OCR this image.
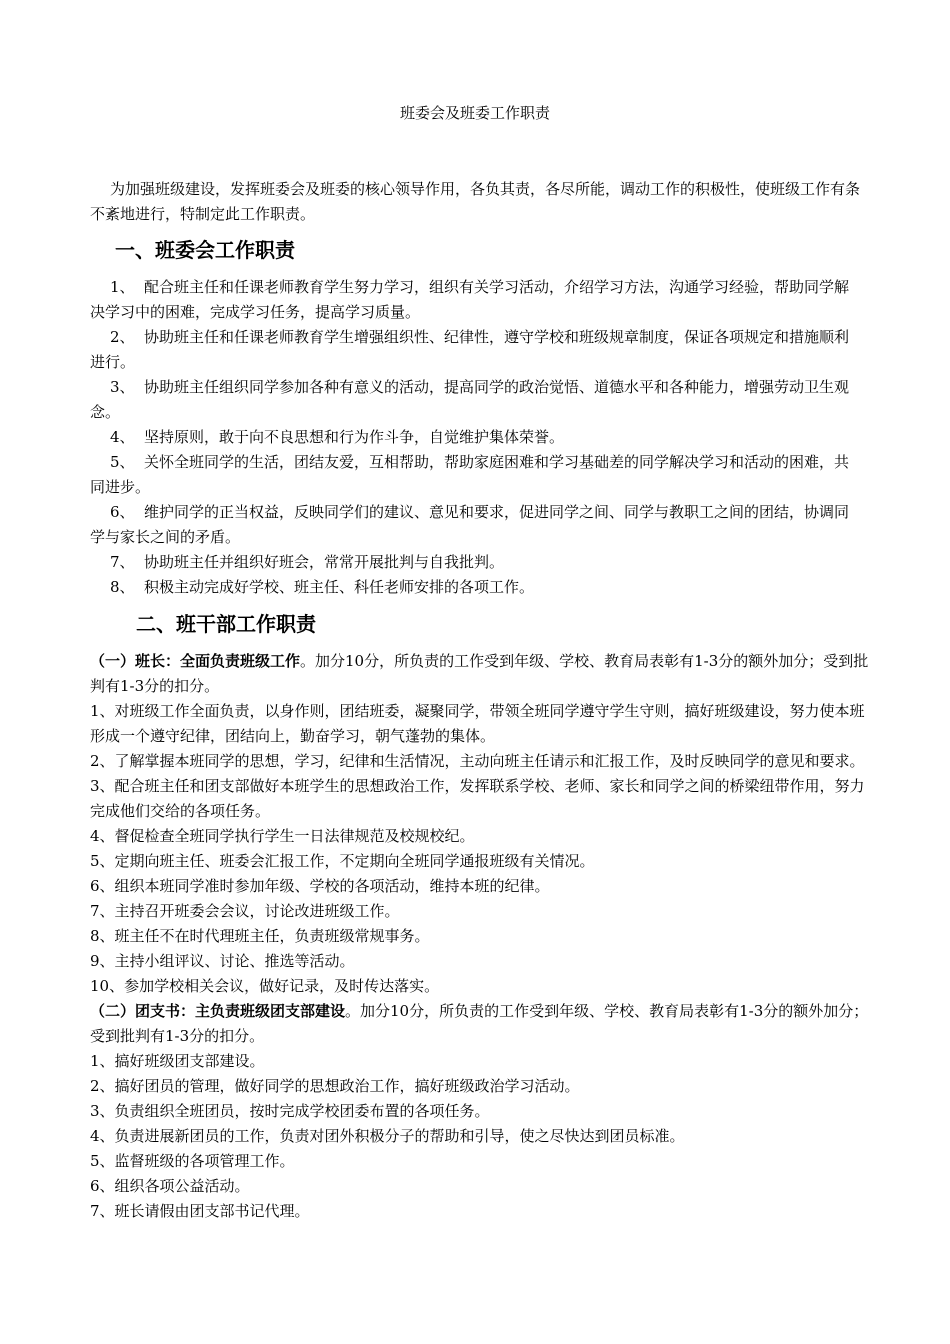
班委会及班委工作职责
为加强班级建设，发挥班委会及班委的核心领导作用，各负其责，各尽所能，调动工作的积极性，使班级工作有条不紊地进行，特制定此工作职责。
一、班委会工作职责

1、 配合班主任和任课老师教育学生努力学习，组织有关学习活动，介绍学习方法，沟通学习经验，帮助同学解决学习中的困难，完成学习任务，提高学习质量。

2、 协助班主任和任课老师教育学生增强组织性、纪律性，遵守学校和班级规章制度，保证各项规定和措施顺利进行。

3、 协助班主任组织同学参加各种有意义的活动，提高同学的政治觉悟、道德水平和各种能力，增强劳动卫生观念。

4、 坚持原则，敢于向不良思想和行为作斗争，自觉维护集体荣誉。

5、 关怀全班同学的生活，团结友爱，互相帮助，帮助家庭困难和学习基础差的同学解决学习和活动的困难，共同进步。

6、 维护同学的正当权益，反映同学们的建议、意见和要求，促进同学之间、同学与教职工之间的团结，协调同学与家长之间的矛盾。

7、 协助班主任并组织好班会，常常开展批判与自我批判。

8、 积极主动完成好学校、班主任、科任老师安排的各项工作。

二、班干部工作职责

（一）班长：全面负责班级工作。加分10分，所负责的工作受到年级、学校、教育局表彰有1-3分的额外加分；受到批判有1-3分的扣分。

1、对班级工作全面负责，以身作则，团结班委，凝聚同学，带领全班同学遵守学生守则，搞好班级建设，努力使本班形成一个遵守纪律，团结向上，勤奋学习，朝气蓬勃的集体。

2、了解掌握本班同学的思想，学习，纪律和生活情况，主动向班主任请示和汇报工作，及时反映同学的意见和要求。

3、配合班主任和团支部做好本班学生的思想政治工作，发挥联系学校、老师、家长和同学之间的桥梁纽带作用，努力完成他们交给的各项任务。

4、督促检查全班同学执行学生一日法律规范及校规校纪。

5、定期向班主任、班委会汇报工作，不定期向全班同学通报班级有关情况。

6、组织本班同学准时参加年级、学校的各项活动，维持本班的纪律。

7、主持召开班委会会议，讨论改进班级工作。

8、班主任不在时代理班主任，负责班级常规事务。

9、主持小组评议、讨论、推选等活动。

10、参加学校相关会议，做好记录，及时传达落实。

（二）团支书：主负责班级团支部建设。加分10分，所负责的工作受到年级、学校、教育局表彰有1-3分的额外加分；受到批判有1-3分的扣分。

1、搞好班级团支部建设。

2、搞好团员的管理，做好同学的思想政治工作，搞好班级政治学习活动。

3、负责组织全班团员，按时完成学校团委布置的各项任务。

4、负责进展新团员的工作，负责对团外积极分子的帮助和引导，使之尽快达到团员标准。

5、监督班级的各项管理工作。

6、组织各项公益活动。

7、班长请假由团支部书记代理。
